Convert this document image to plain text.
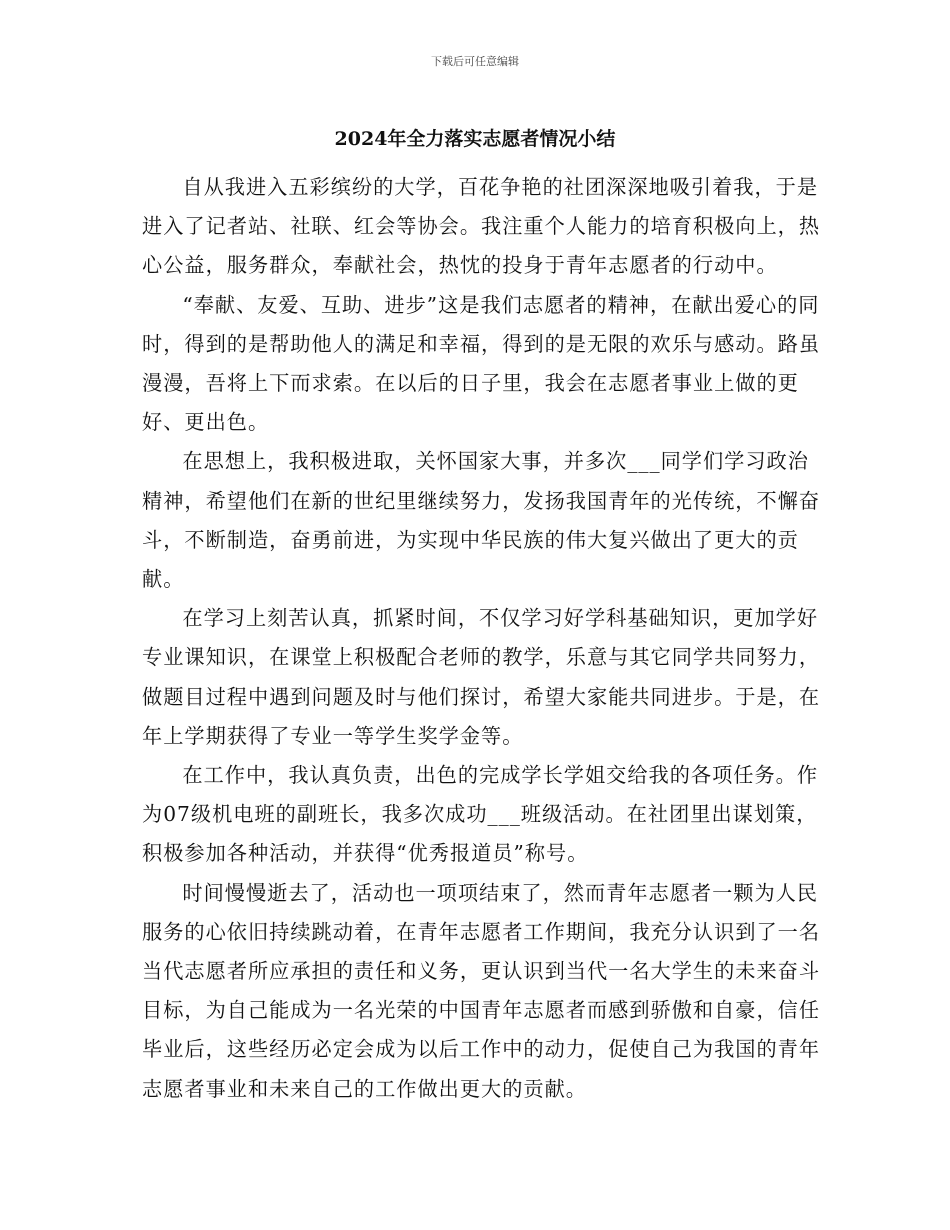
下载后可任意编辑
2024年全力落实志愿者情况小结

自从我进入五彩缤纷的大学，百花争艳的社团深深地吸引着我，于是进入了记者站、社联、红会等协会。我注重个人能力的培育积极向上，热心公益，服务群众，奉献社会，热忱的投身于青年志愿者的行动中。

“奉献、友爱、互助、进步”这是我们志愿者的精神，在献出爱心的同时，得到的是帮助他人的满足和幸福，得到的是无限的欢乐与感动。路虽漫漫，吾将上下而求索。在以后的日子里，我会在志愿者事业上做的更好、更出色。

在思想上，我积极进取，关怀国家大事，并多次___同学们学习政治精神，希望他们在新的世纪里继续努力，发扬我国青年的光传统，不懈奋斗，不断制造，奋勇前进，为实现中华民族的伟大复兴做出了更大的贡献。

在学习上刻苦认真，抓紧时间，不仅学习好学科基础知识，更加学好专业课知识，在课堂上积极配合老师的教学，乐意与其它同学共同努力，做题目过程中遇到问题及时与他们探讨，希望大家能共同进步。于是，在年上学期获得了专业一等学生奖学金等。

在工作中，我认真负责，出色的完成学长学姐交给我的各项任务。作为07级机电班的副班长，我多次成功___班级活动。在社团里出谋划策，积极参加各种活动，并获得“优秀报道员”称号。

时间慢慢逝去了，活动也一项项结束了，然而青年志愿者一颗为人民服务的心依旧持续跳动着，在青年志愿者工作期间，我充分认识到了一名当代志愿者所应承担的责任和义务，更认识到当代一名大学生的未来奋斗目标，为自己能成为一名光荣的中国青年志愿者而感到骄傲和自豪，信任毕业后，这些经历必定会成为以后工作中的动力，促使自己为我国的青年志愿者事业和未来自己的工作做出更大的贡献。
